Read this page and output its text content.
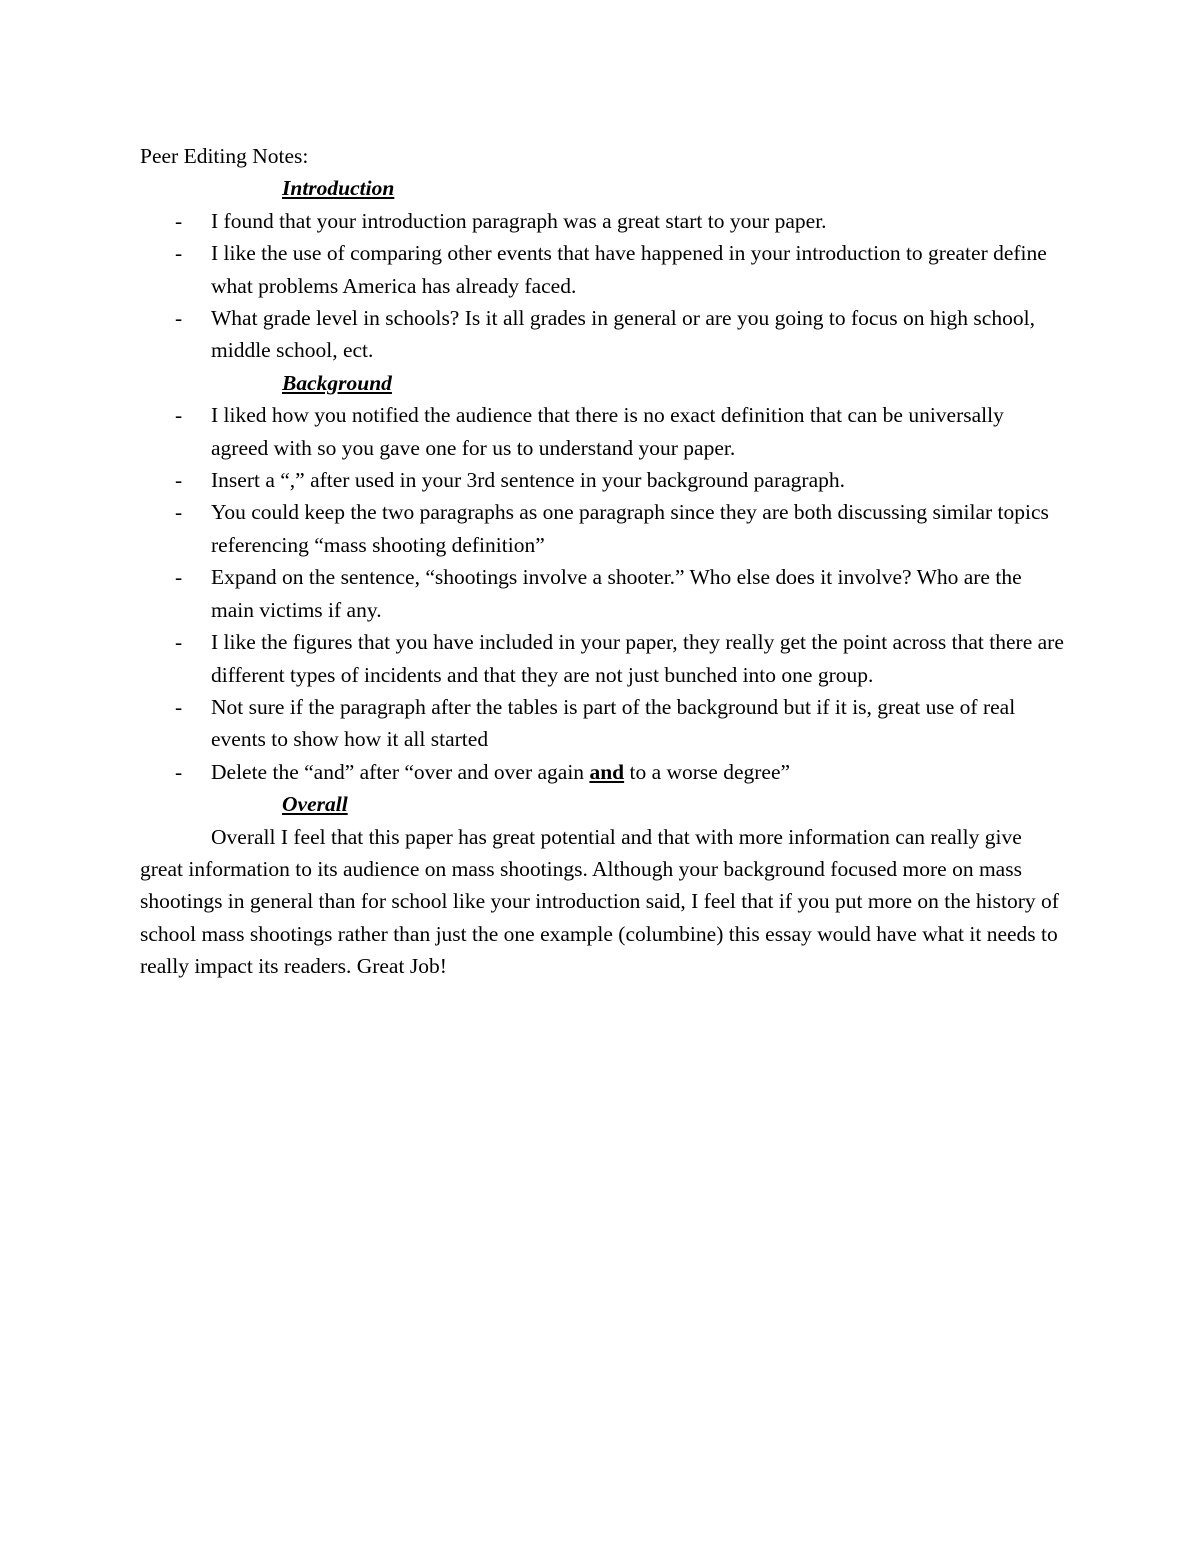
Peer Editing Notes:
Introduction
- I found that your introduction paragraph was a great start to your paper.
- I like the use of comparing other events that have happened in your introduction to greater define what problems America has already faced.
- What grade level in schools? Is it all grades in general or are you going to focus on high school, middle school, ect.
Background
- I liked how you notified the audience that there is no exact definition that can be universally agreed with so you gave one for us to understand your paper.
- Insert a “,” after used in your 3rd sentence in your background paragraph.
- You could keep the two paragraphs as one paragraph since they are both discussing similar topics referencing “mass shooting definition”
- Expand on the sentence, “shootings involve a shooter.” Who else does it involve? Who are the main victims if any.
- I like the figures that you have included in your paper, they really get the point across that there are different types of incidents and that they are not just bunched into one group.
- Not sure if the paragraph after the tables is part of the background but if it is, great use of real events to show how it all started
- Delete the “and” after “over and over again and to a worse degree”
Overall

Overall I feel that this paper has great potential and that with more information can really give great information to its audience on mass shootings. Although your background focused more on mass shootings in general than for school like your introduction said, I feel that if you put more on the history of school mass shootings rather than just the one example (columbine) this essay would have what it needs to really impact its readers. Great Job!
